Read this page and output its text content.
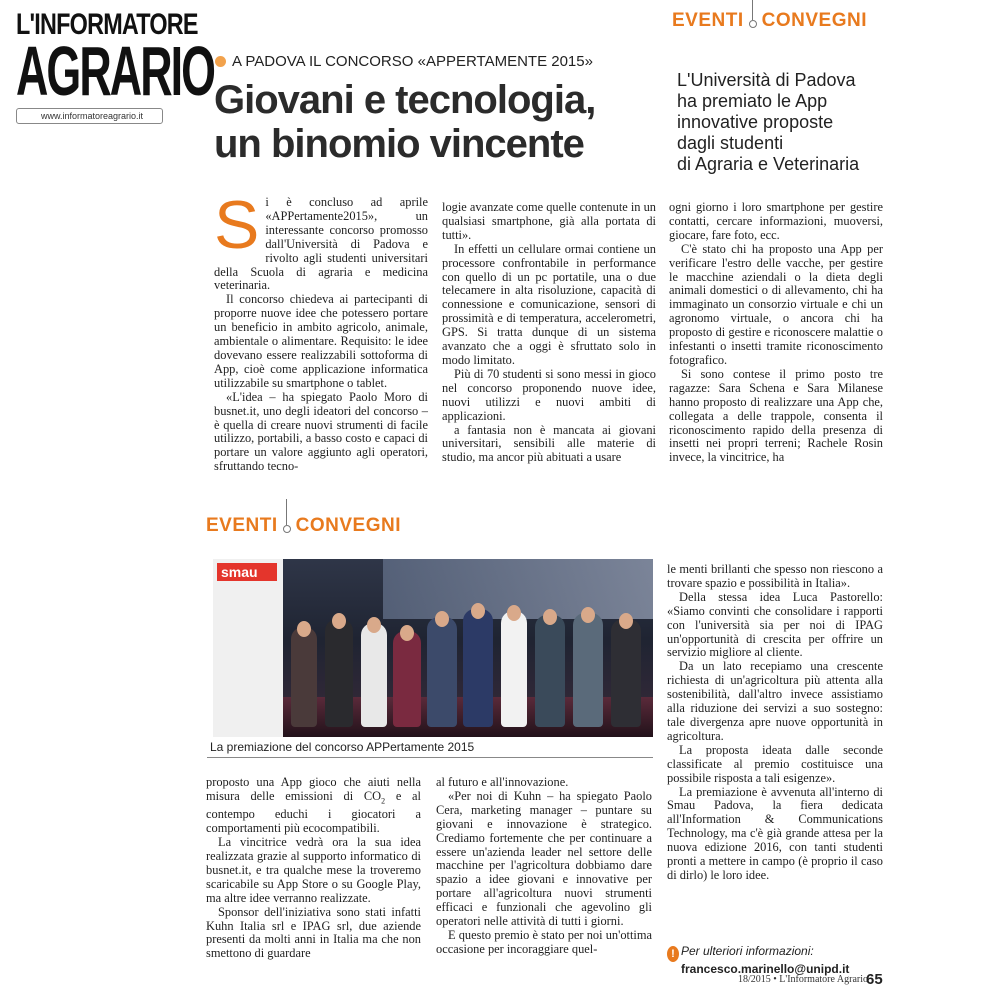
L'INFORMATORE
AGRARIO
www.informatoreagrario.it
EVENTI CONVEGNI
A PADOVA IL CONCORSO «APPERTAMENTE 2015»
Giovani e tecnologia,
un binomio vincente
L'Università di Padova
ha premiato le App
innovative proposte
dagli studenti
di Agraria e Veterinaria
S i è concluso ad aprile «APPertamente2015», un interessante concorso promosso dall'Università di Padova e rivolto agli studenti universitari della Scuola di agraria e medicina veterinaria.

Il concorso chiedeva ai partecipanti di proporre nuove idee che potessero portare un beneficio in ambito agricolo, animale, ambientale o alimentare. Requisito: le idee dovevano essere realizzabili sottoforma di App, cioè come applicazione informatica utilizzabile su smartphone o tablet.

«L'idea – ha spiegato Paolo Moro di busnet.it, uno degli ideatori del concorso – è quella di creare nuovi strumenti di facile utilizzo, portabili, a basso costo e capaci di portare un valore aggiunto agli operatori, sfruttando tecno-

logie avanzate come quelle contenute in un qualsiasi smartphone, già alla portata di tutti».

In effetti un cellulare ormai contiene un processore confrontabile in performance con quello di un pc portatile, una o due telecamere in alta risoluzione, capacità di connessione e comunicazione, sensori di prossimità e di temperatura, accelerometri, GPS. Si tratta dunque di un sistema avanzato che a oggi è sfruttato solo in modo limitato.

Più di 70 studenti si sono messi in gioco nel concorso proponendo nuove idee, nuovi utilizzi e nuovi ambiti di applicazioni.

a fantasia non è mancata ai giovani universitari, sensibili alle materie di studio, ma ancor più abituati a usare

ogni giorno i loro smartphone per gestire contatti, cercare informazioni, muoversi, giocare, fare foto, ecc.

C'è stato chi ha proposto una App per verificare l'estro delle vacche, per gestire le macchine aziendali o la dieta degli animali domestici o di allevamento, chi ha immaginato un consorzio virtuale e chi un agronomo virtuale, o ancora chi ha proposto di gestire e riconoscere malattie o infestanti o insetti tramite riconoscimento fotografico.

Si sono contese il primo posto tre ragazze: Sara Schena e Sara Milanese hanno proposto di realizzare una App che, collegata a delle trappole, consenta il riconoscimento rapido della presenza di insetti nei propri terreni; Rachele Rosin invece, la vincitrice, ha

EVENTI CONVEGNI
smau
La premiazione del concorso APPertamente 2015

le menti brillanti che spesso non riescono a trovare spazio e possibilità in Italia».

Della stessa idea Luca Pastorello: «Siamo convinti che consolidare i rapporti con l'università sia per noi di IPAG un'opportunità di crescita per offrire un servizio migliore al cliente.

Da un lato recepiamo una crescente richiesta di un'agricoltura più attenta alla sostenibilità, dall'altro invece assistiamo alla riduzione dei servizi a suo sostegno: tale divergenza apre nuove opportunità in agricoltura.

La proposta ideata dalle seconde classificate al premio costituisce una possibile risposta a tali esigenze».

La premiazione è avvenuta all'interno di Smau Padova, la fiera dedicata all'Information & Communications Technology, ma c'è già grande attesa per la nuova edizione 2016, con tanti studenti pronti a mettere in campo (è proprio il caso di dirlo) le loro idee.

proposto una App gioco che aiuti nella misura delle emissioni di $CO_2$ e al contempo educhi i giocatori a comportamenti più ecocompatibili.

La vincitrice vedrà ora la sua idea realizzata grazie al supporto informatico di busnet.it, e tra qualche mese la troveremo scaricabile su App Store o su Google Play, ma altre idee verranno realizzate.

Sponsor dell'iniziativa sono stati infatti Kuhn Italia srl e IPAG srl, due aziende presenti da molti anni in Italia ma che non smettono di guardare

al futuro e all'innovazione.

«Per noi di Kuhn – ha spiegato Paolo Cera, marketing manager – puntare su giovani e innovazione è strategico. Crediamo fortemente che per continuare a essere un'azienda leader nel settore delle macchine per l'agricoltura dobbiamo dare spazio a idee giovani e innovative per portare all'agricoltura nuovi strumenti efficaci e funzionali che agevolino gli operatori nelle attività di tutti i giorni.

E questo premio è stato per noi un'ottima occasione per incoraggiare quel-	! Per ulteriori informazioni:
francesco.marinello@unipd.it
18/2015 • L'Informatore Agrario
65
